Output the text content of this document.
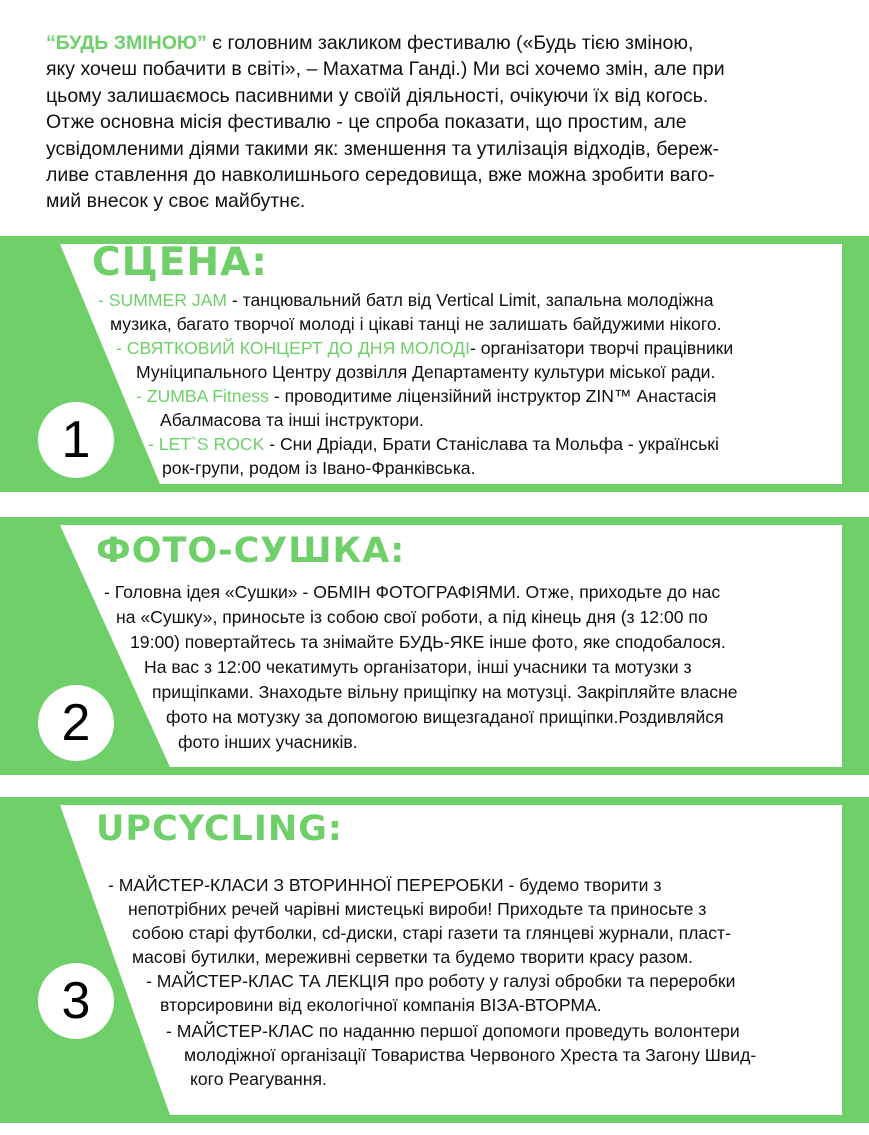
“БУДЬ ЗМІНОЮ” є головним закликом фестивалю («Будь тією зміною,
яку хочеш побачити в світі», – Махатма Ганді.) Ми всі хочемо змін, але при
цьому залишаємось пасивними у своїй діяльності, очікуючи їх від когось.
Отже основна місія фестивалю - це спроба показати, що простим, але
усвідомленими діями такими як: зменшення та утилізація відходів, береж-
ливе ставлення до навколишнього середовища, вже можна зробити ваго-
мий внесок у своє майбутнє.
1
СЦЕНА:
- SUMMER JAM - танцювальний батл від Vertical Limit, запальна молодіжна
музика, багато творчої молоді і цікаві танці не залишать байдужими нікого.
- СВЯТКОВИЙ КОНЦЕРТ ДО ДНЯ МОЛОДІ- організатори творчі працівники
Муніципального Центру дозвілля Департаменту культури міської ради.
- ZUMBA Fitness - проводитиме ліцензійний інструктор ZIN™ Анастасія
Абалмасова та інші інструктори.
- LET`S ROCK - Сни Дріади, Брати Станіслава та Мольфа - українські
рок-групи, родом із Івано-Франківська.
2
ФОТО-СУШКА:
- Головна ідея «Сушки» - ОБМІН ФОТОГРАФІЯМИ. Отже, приходьте до нас
на «Сушку», приносьте із собою свої роботи, а під кінець дня (з 12:00 по
19:00) повертайтесь та знімайте БУДЬ-ЯКЕ інше фото, яке сподобалося.
На вас з 12:00 чекатимуть організатори, інші учасники та мотузки з
прищіпками. Знаходьте вільну прищіпку на мотузці. Закріпляйте власне
фото на мотузку за допомогою вищезгаданої прищіпки.Роздивляйся
фото інших учасників.
3
UPCYCLING:
- МАЙСТЕР-КЛАСИ З ВТОРИННОЇ ПЕРЕРОБКИ - будемо творити з
непотрібних речей чарівні мистецькі вироби! Приходьте та приносьте з
собою старі футболки, cd-диски, старі газети та глянцеві журнали, пласт-
масові бутилки, мереживні серветки та будемо творити красу разом.
- МАЙСТЕР-КЛАС ТА ЛЕКЦІЯ про роботу у галузі обробки та переробки
вторсировини від екологічної компанія ВІЗА-ВТОРМА.
- МАЙСТЕР-КЛАС по наданню першої допомоги проведуть волонтери
молодіжної організації Товариства Червоного Хреста та Загону Швид-
кого Реагування.
